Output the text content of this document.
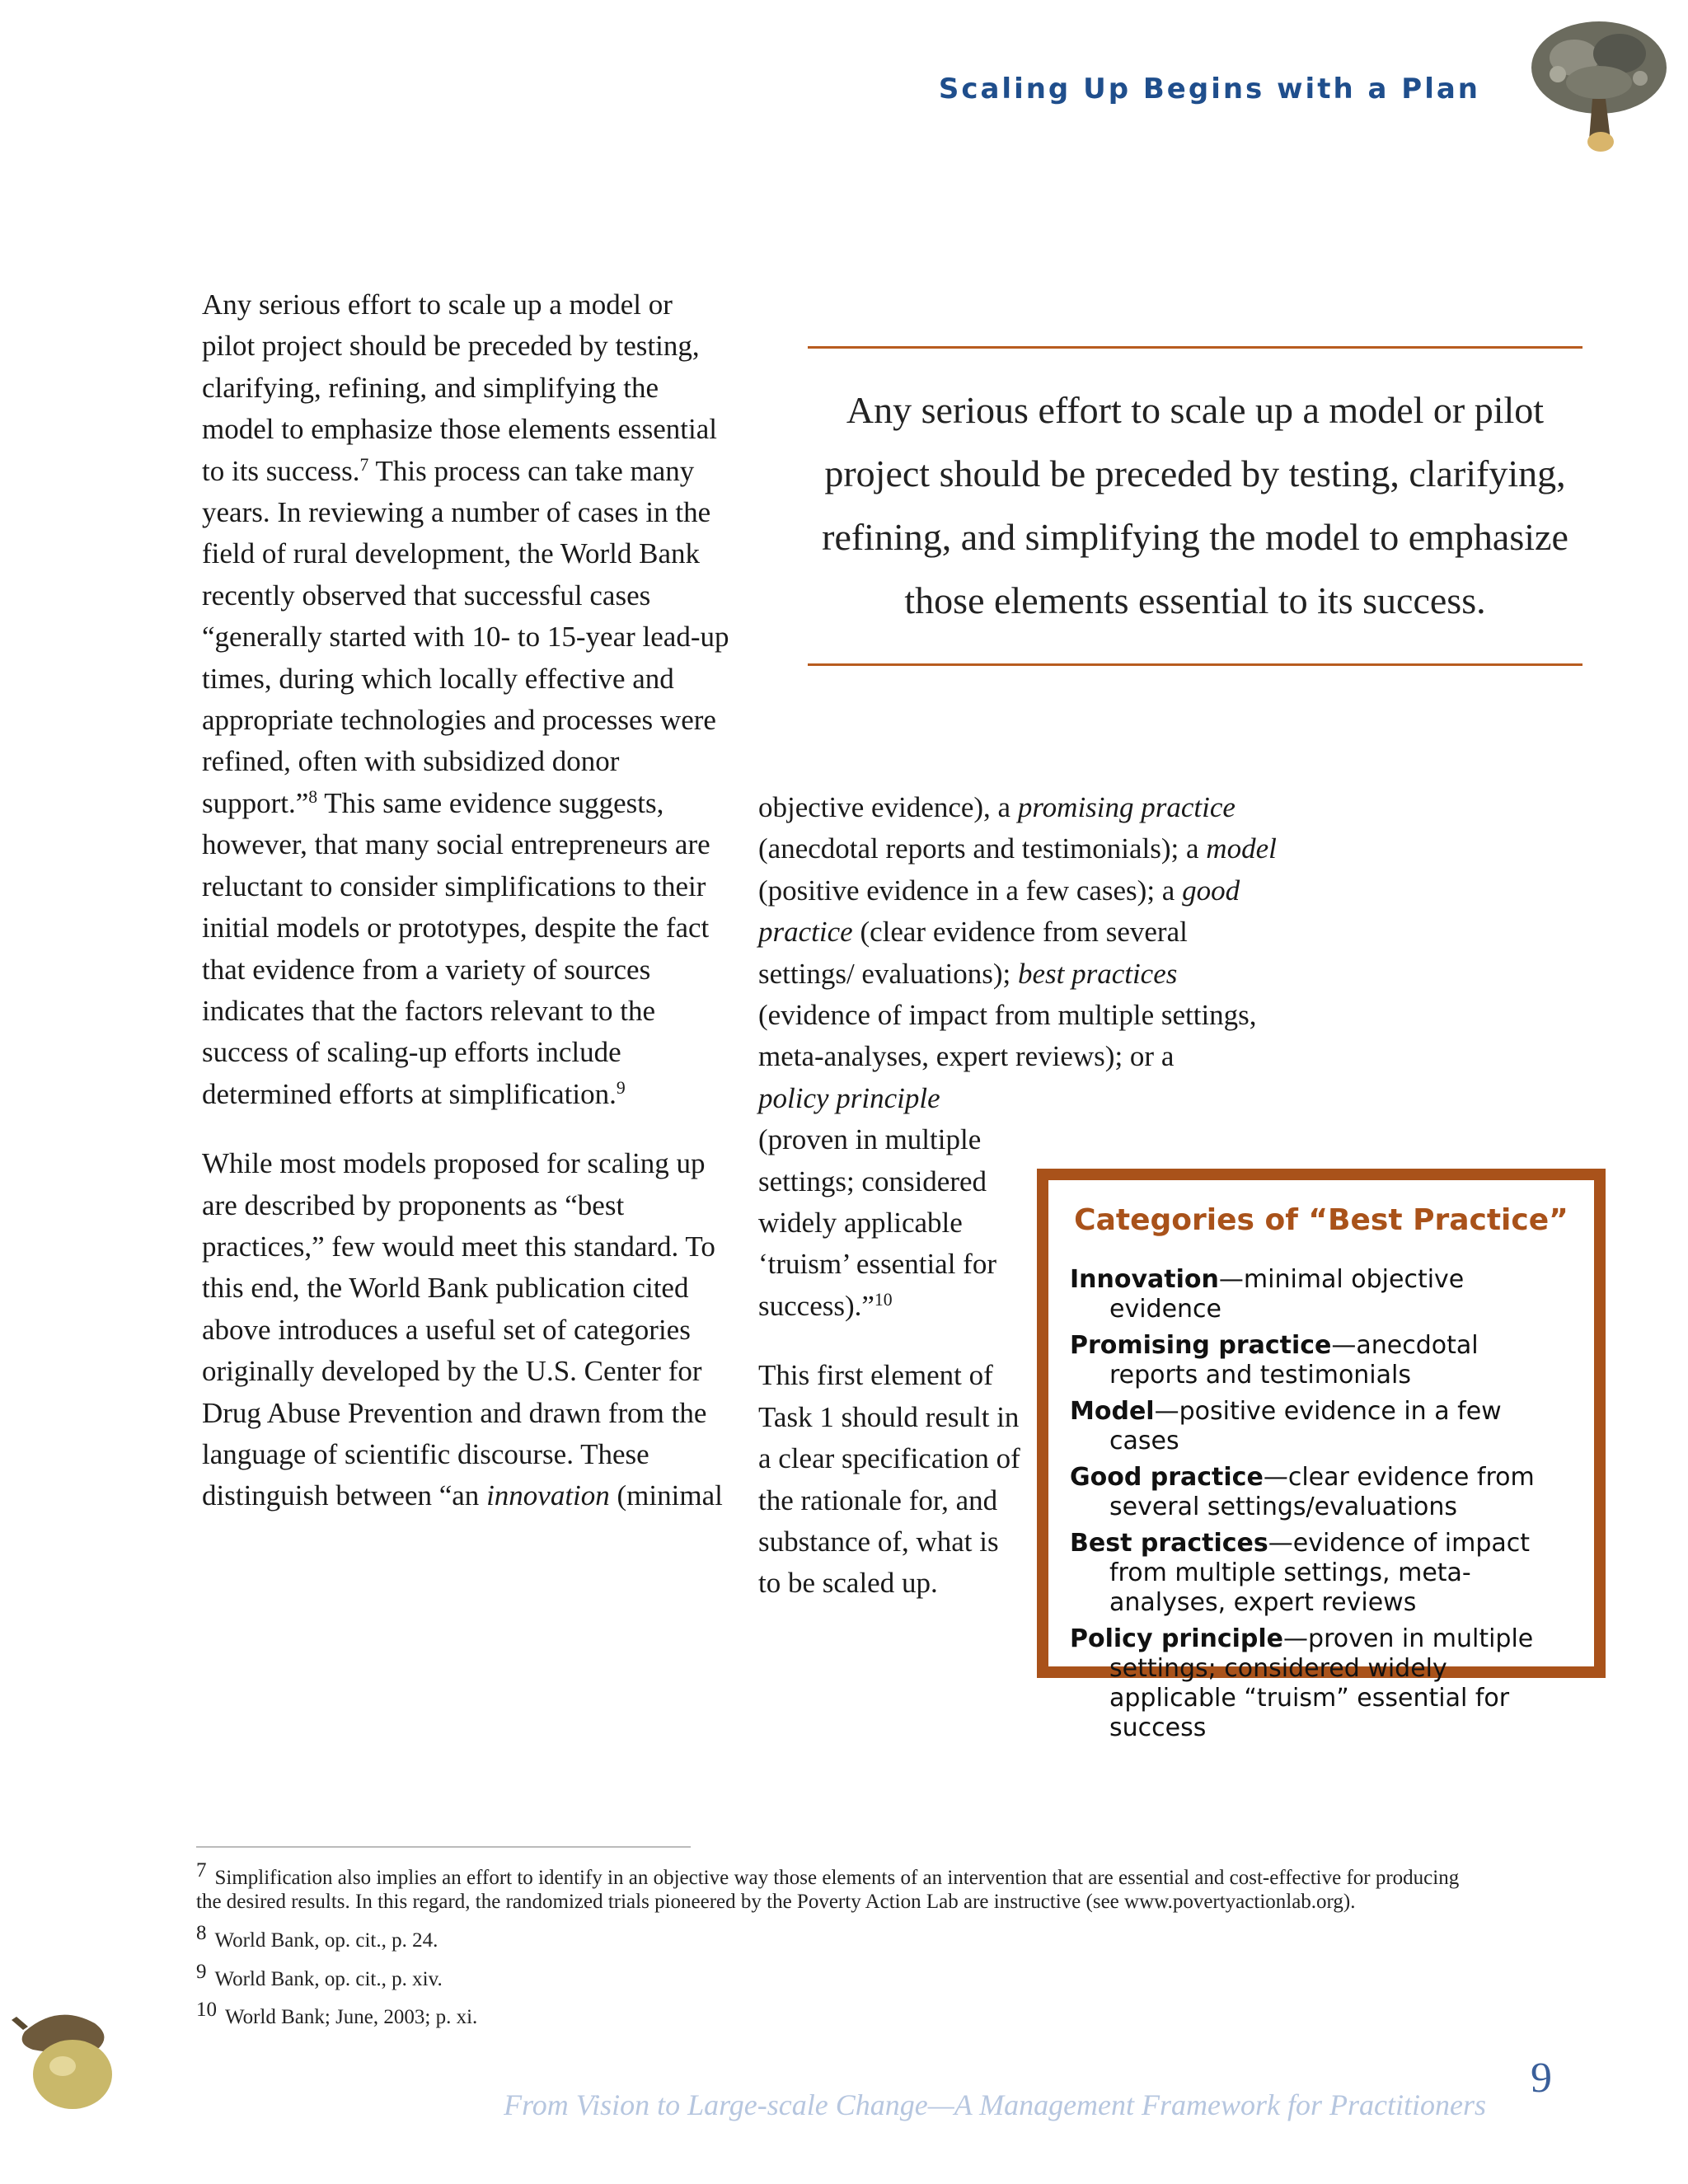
Scaling Up Begins with a Plan

Any serious effort to scale up a model or pilot project should be preceded by testing, clarifying, refining, and simplifying the model to emphasize those elements essential to its success.$^7$ This process can take many years. In reviewing a number of cases in the field of rural development, the World Bank recently observed that successful cases “generally started with 10- to 15-year lead-up times, during which locally effective and appropriate technologies and processes were refined, often with subsidized donor support.”$^8$ This same evidence suggests, however, that many social entrepreneurs are reluctant to consider simplifications to their initial models or prototypes, despite the fact that evidence from a variety of sources indicates that the factors relevant to the success of scaling-up efforts include determined efforts at simplification.$^9$

While most models proposed for scaling up are described by proponents as “best practices,” few would meet this standard. To this end, the World Bank publication cited above introduces a useful set of categories originally developed by the U.S. Center for Drug Abuse Prevention and drawn from the language of scientific discourse. These distinguish between “an innovation (minimal

Any serious effort to scale up a model or pilot project should be preceded by testing, clarifying, refining, and simplifying the model to emphasize those elements essential to its success.

objective evidence), a promising practice (anecdotal reports and testimonials); a model (positive evidence in a few cases); a good practice (clear evidence from several settings/ evaluations); best practices (evidence of impact from multiple settings, meta-analyses, expert reviews); or a
policy principle
(proven in multiple settings; considered widely applicable ‘truism’ essential for success).”$^{10}$

This first element of Task 1 should result in a clear specification of the rationale for, and substance of, what is to be scaled up.

Categories of “Best Practice”
Innovation—minimal objective evidence
Promising practice—anecdotal reports and testimonials
Model—positive evidence in a few cases
Good practice—clear evidence from several settings/evaluations
Best practices—evidence of impact from multiple settings, meta-analyses, expert reviews
Policy principle—proven in multiple settings; considered widely applicable “truism” essential for success
7 Simplification also implies an effort to identify in an objective way those elements of an intervention that are essential and cost-effective for producing the desired results. In this regard, the randomized trials pioneered by the Poverty Action Lab are instructive (see www.povertyactionlab.org).
8 World Bank, op. cit., p. 24.
9 World Bank, op. cit., p. xiv.
10 World Bank; June, 2003; p. xi.
From Vision to Large-scale Change—A Management Framework for Practitioners
9
